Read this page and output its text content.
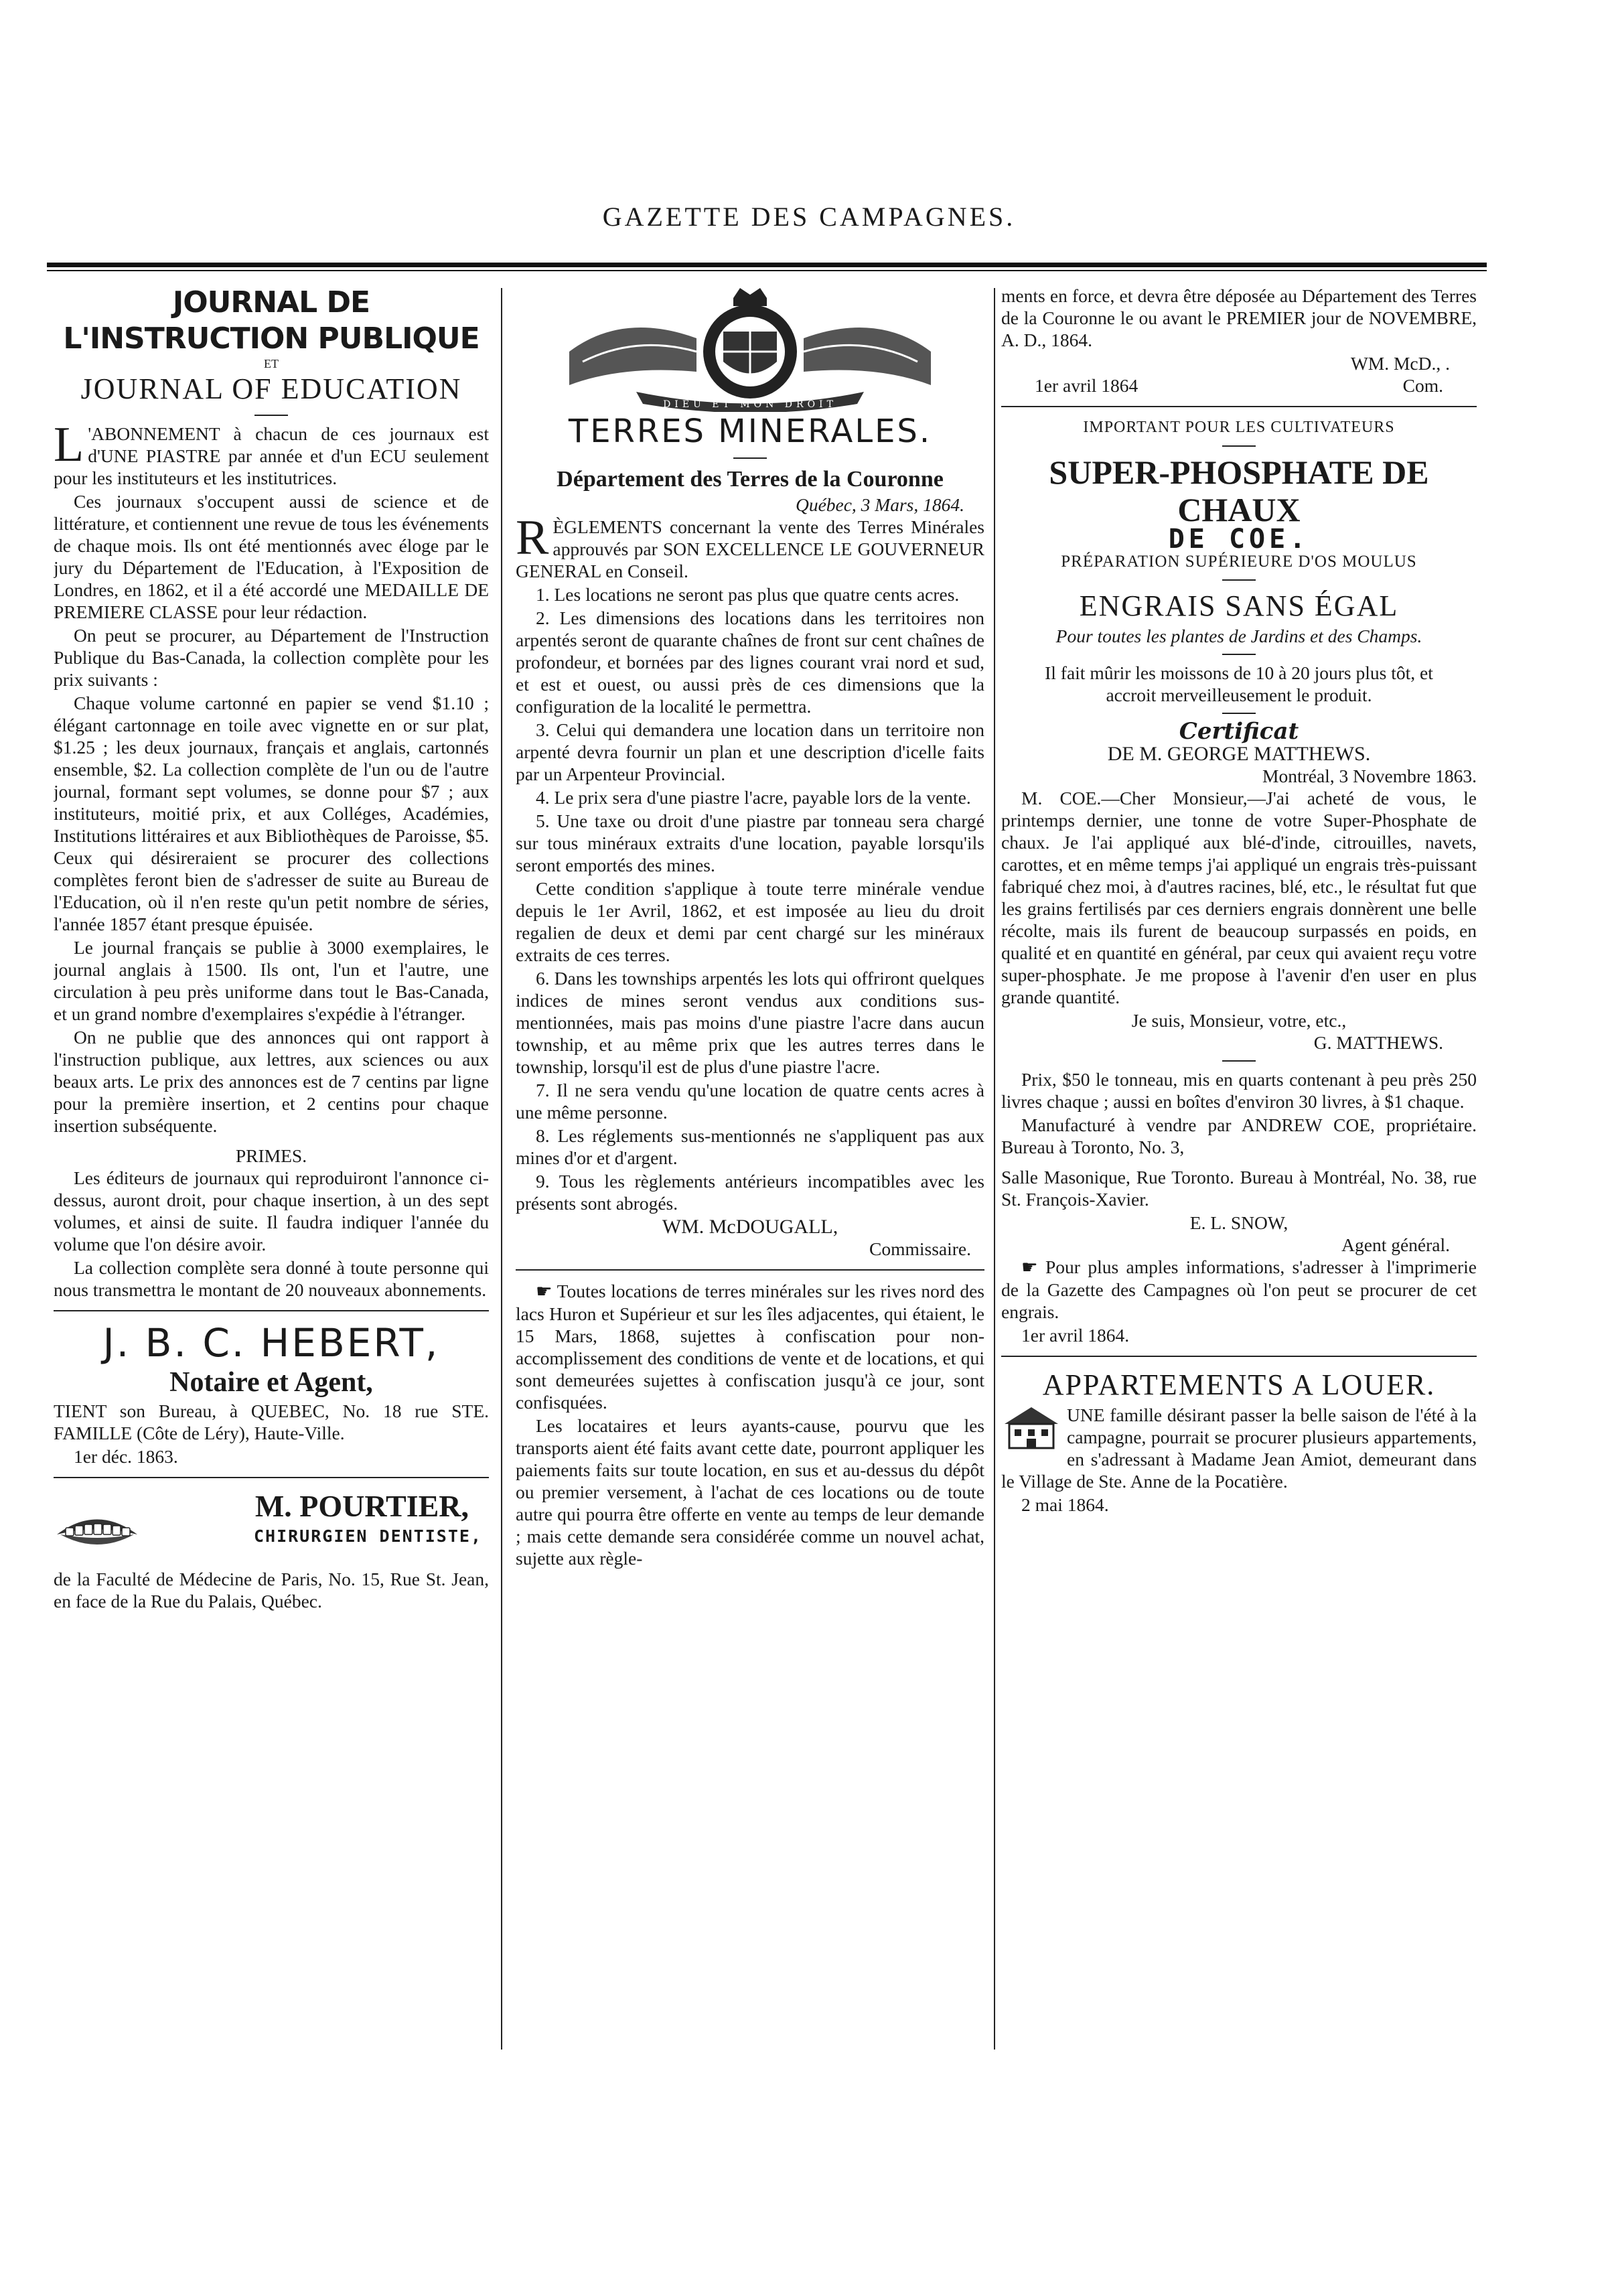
GAZETTE DES CAMPAGNES.
JOURNAL DE L'INSTRUCTION PUBLIQUE
ET
JOURNAL OF EDUCATION

L 'ABONNEMENT à chacun de ces journaux est d'UNE PIASTRE par année et d'un ECU seulement pour les instituteurs et les institutrices.

Ces journaux s'occupent aussi de science et de littérature, et contiennent une revue de tous les événements de chaque mois. Ils ont été mentionnés avec éloge par le jury du Département de l'Education, à l'Exposition de Londres, en 1862, et il a été accordé une MEDAILLE DE PREMIERE CLASSE pour leur rédaction.

On peut se procurer, au Département de l'Instruction Publique du Bas-Canada, la collection complète pour les prix suivants :

Chaque volume cartonné en papier se vend $1.10 ; élégant cartonnage en toile avec vignette en or sur plat, $1.25 ; les deux journaux, français et anglais, cartonnés ensemble, $2. La collection complète de l'un ou de l'autre journal, formant sept volumes, se donne pour $7 ; aux instituteurs, moitié prix, et aux Colléges, Académies, Institutions littéraires et aux Bibliothèques de Paroisse, $5. Ceux qui désireraient se procurer des collections complètes feront bien de s'adresser de suite au Bureau de l'Education, où il n'en reste qu'un petit nombre de séries, l'année 1857 étant presque épuisée.

Le journal français se publie à 3000 exemplaires, le journal anglais à 1500. Ils ont, l'un et l'autre, une circulation à peu près uniforme dans tout le Bas-Canada, et un grand nombre d'exemplaires s'expédie à l'étranger.

On ne publie que des annonces qui ont rapport à l'instruction publique, aux lettres, aux sciences ou aux beaux arts. Le prix des annonces est de 7 centins par ligne pour la première insertion, et 2 centins pour chaque insertion subséquente.

PRIMES.

Les éditeurs de journaux qui reproduiront l'annonce ci-dessus, auront droit, pour chaque insertion, à un des sept volumes, et ainsi de suite. Il faudra indiquer l'année du volume que l'on désire avoir.

La collection complète sera donné à toute personne qui nous transmettra le montant de 20 nouveaux abonnements.

J. B. C. HEBERT,
Notaire et Agent,

TIENT son Bureau, à QUEBEC, No. 18 rue STE. FAMILLE (Côte de Léry), Haute-Ville.

1er déc. 1863.

M. POURTIER,
CHIRURGIEN DENTISTE,

de la Faculté de Médecine de Paris, No. 15, Rue St. Jean, en face de la Rue du Palais, Québec.

DIEU ET MON DROIT
TERRES MINERALES.
Département des Terres de la Couronne
Québec, 3 Mars, 1864.

RÈGLEMENTS concernant la vente des Terres Minérales approuvés par SON EXCELLENCE LE GOUVERNEUR GENERAL en Conseil.

1. Les locations ne seront pas plus que quatre cents acres.

2. Les dimensions des locations dans les territoires non arpentés seront de quarante chaînes de front sur cent chaînes de profondeur, et bornées par des lignes courant vrai nord et sud, et est et ouest, ou aussi près de ces dimensions que la configuration de la localité le permettra.

3. Celui qui demandera une location dans un territoire non arpenté devra fournir un plan et une description d'icelle faits par un Arpenteur Provincial.

4. Le prix sera d'une piastre l'acre, payable lors de la vente.

5. Une taxe ou droit d'une piastre par tonneau sera chargé sur tous minéraux extraits d'une location, payable lorsqu'ils seront emportés des mines.

Cette condition s'applique à toute terre minérale vendue depuis le 1er Avril, 1862, et est imposée au lieu du droit regalien de deux et demi par cent chargé sur les minéraux extraits de ces terres.

6. Dans les townships arpentés les lots qui offriront quelques indices de mines seront vendus aux conditions sus-mentionnées, mais pas moins d'une piastre l'acre dans aucun township, et au même prix que les autres terres dans le township, lorsqu'il est de plus d'une piastre l'acre.

7. Il ne sera vendu qu'une location de quatre cents acres à une même personne.

8. Les réglements sus-mentionnés ne s'appliquent pas aux mines d'or et d'argent.

9. Tous les règlements antérieurs incompatibles avec les présents sont abrogés.

WM. McDOUGALL,
Commissaire.

☛ Toutes locations de terres minérales sur les rives nord des lacs Huron et Supérieur et sur les îles adjacentes, qui étaient, le 15 Mars, 1868, sujettes à confiscation pour non-accomplissement des conditions de vente et de locations, et qui sont demeurées sujettes à confiscation jusqu'à ce jour, sont confisquées.

Les locataires et leurs ayants-cause, pourvu que les transports aient été faits avant cette date, pourront appliquer les paiements faits sur toute location, en sus et au-dessus du dépôt ou premier versement, à l'achat de ces locations ou de toute autre qui pourra être offerte en vente au temps de leur demande ; mais cette demande sera considérée comme un nouvel achat, sujette aux règle-

ments en force, et devra être déposée au Département des Terres de la Couronne le ou avant le PREMIER jour de NOVEMBRE, A. D., 1864.

WM. McD., .
1er avril 1864	Com.
IMPORTANT POUR LES CULTIVATEURS
SUPER-PHOSPHATE DE CHAUX
DE COE.
PRÉPARATION SUPÉRIEURE D'OS MOULUS
ENGRAIS SANS ÉGAL
Pour toutes les plantes de Jardins et des Champs.
Il fait mûrir les moissons de 10 à 20 jours plus tôt, et accroit merveilleusement le produit.
Certificat
DE M. GEORGE MATTHEWS.
Montréal, 3 Novembre 1863.

M. COE.—Cher Monsieur,—J'ai acheté de vous, le printemps dernier, une tonne de votre Super-Phosphate de chaux. Je l'ai appliqué aux blé-d'inde, citrouilles, navets, carottes, et en même temps j'ai appliqué un engrais très-puissant fabriqué chez moi, à d'autres racines, blé, etc., le résultat fut que les grains fertilisés par ces derniers engrais donnèrent une belle récolte, mais ils furent de beaucoup surpassés en poids, en qualité et en quantité en général, par ceux qui avaient reçu votre super-phosphate. Je me propose à l'avenir d'en user en plus grande quantité.

Je suis, Monsieur, votre, etc.,
G. MATTHEWS.

Prix, $50 le tonneau, mis en quarts contenant à peu près 250 livres chaque ; aussi en boîtes d'environ 30 livres, à $1 chaque.

Manufacturé à vendre par ANDREW COE, propriétaire. Bureau à Toronto, No. 3,

Salle Masonique, Rue Toronto. Bureau à Montréal, No. 38, rue St. François-Xavier.

E. L. SNOW,
Agent général.

☛ Pour plus amples informations, s'adresser à l'imprimerie de la Gazette des Campagnes où l'on peut se procurer de cet engrais.

1er avril 1864.

APPARTEMENTS A LOUER.

UNE famille désirant passer la belle saison de l'été à la campagne, pourrait se procurer plusieurs appartements, en s'adressant à Madame Jean Amiot, demeurant dans le Village de Ste. Anne de la Pocatière.

2 mai 1864.
